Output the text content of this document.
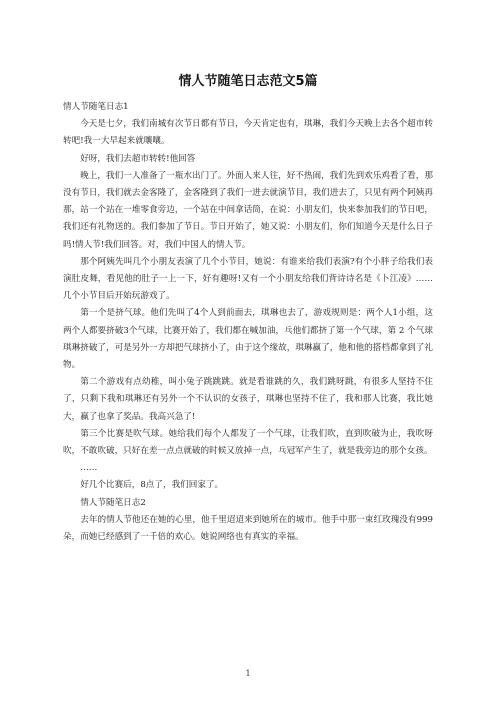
情人节随笔日志范文5篇

情人节随笔日志1

今天是七夕，我们南城有次节日都有节日，今天肯定也有，琪琳，我们今天晚上去各个超市转转吧!我一大早起来就嚷嚷。

好呀，我们去超市转转!他回答

晚上，我们一人准备了一瓶水出门了。外面人来人往，好不热闹，我们先到欢乐鸡看了看，那没有节日，我们就去金客隆了，金客隆到了我们一进去就演节目，我们进去了，只见有两个阿姨再那，站一个站在一堆零食旁边，一个站在中间拿话筒，在说：小朋友们，快来参加我们的节日吧，我们还有礼物送的。我们参加了节日。节日开始了，她又说：小朋友们，你们知道今天是什么日子吗!情人节!我们回答。对，我们中国人的情人节。

那个阿姨先叫几个小朋友表演了几个小节目，她说：有谁来给我们表演?有个小胖子给我们表演肚皮舞，看见他的肚子一上一下，好有趣呀!又有一个小朋友给我们背诗诗名是《卜江凌》……几个小节目后开始玩游戏了。

第一个是挤气球。他们先叫了4个人到前面去，琪琳也去了，游戏规则是：两个人1小组，这两个人都要挤破3个气球，比赛开始了，我们都在喊加油，乓他们都挤了第一个气球，第 2 个气球琪琳挤破了，可是另外一方却把气球挤小了，由于这个缘故，琪琳赢了，他和他的搭档都拿到了礼物。

第二个游戏有点幼稚，叫小兔子跳跳跳。就是看谁跳的久，我们跳呀跳，有很多人坚持不住了，只剩下我和琪琳还有另外一个不认识的女孩子，琪琳也坚持不住了，我和那人比赛，我比她大，赢了也拿了奖品。我高兴急了!

第三个比赛是吹气球。她给我们每个人都发了一个气球，让我们吹，直到吹破为止，我吹呀吹，不敢吹破，只好在差一点点就破的时候又放掉一点，乓冠军产生了，就是我旁边的那个女孩。

……

好几个比赛后，8点了，我们回家了。

情人节随笔日志2

去年的情人节他还在她的心里，他千里迢迢来到她所在的城市。他手中那一束红玫瑰没有999朵，而她已经感到了一千倍的欢心。她说网络也有真实的幸福。

1
